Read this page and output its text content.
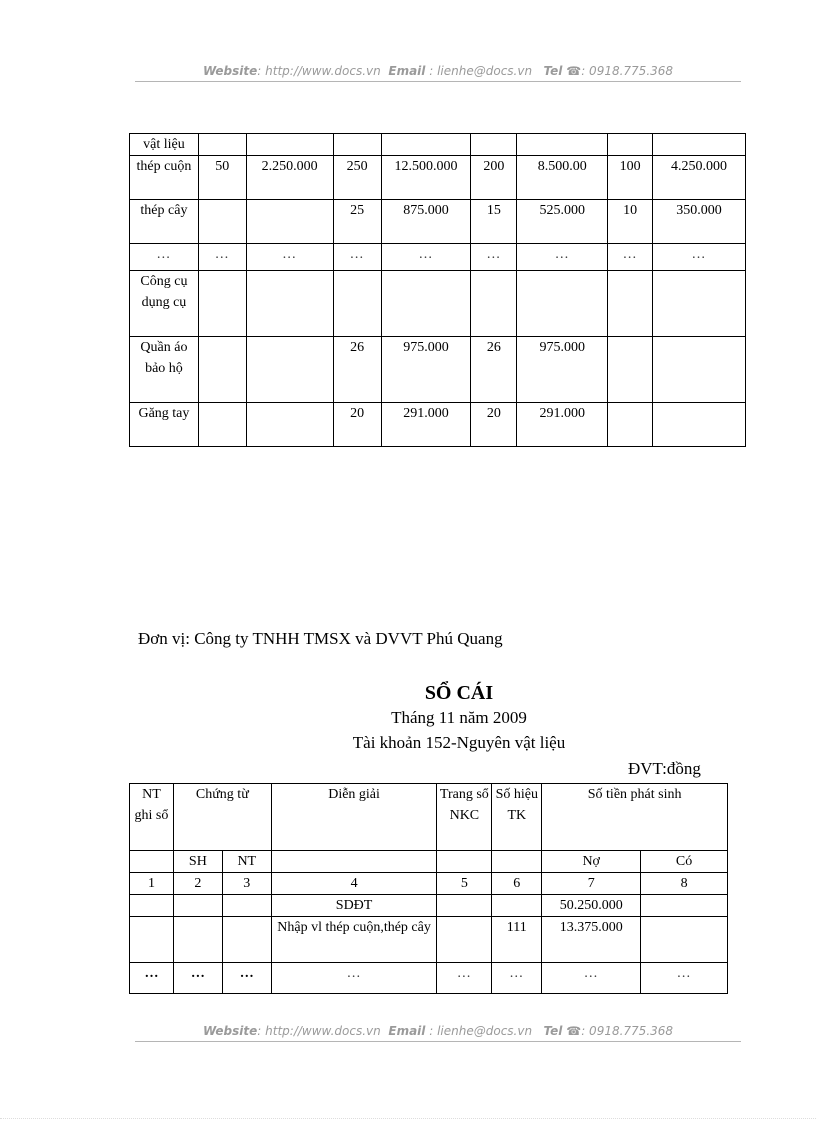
Website: http://www.docs.vn Email : lienhe@docs.vn Tel ☎: 0918.775.368
vật liệu								
thép cuộn	50	2.250.000	250	12.500.000	200	8.500.00	100	4.250.000
thép cây			25	875.000	15	525.000	10	350.000
…	…	…	…	…	…	…	…	…
Công cụ dụng cụ								
Quần áo bảo hộ			26	975.000	26	975.000		
Găng tay			20	291.000	20	291.000		
Đơn vị: Công ty TNHH TMSX và DVVT Phú Quang
SỔ CÁI
Tháng 11 năm 2009
Tài khoản 152-Nguyên vật liệu
ĐVT:đồng
NT ghi sổ	Chứng từ		Diễn giải	Trang sổ NKC	Số hiệu TK	Số tiền phát sinh	
	SH	NT				Nợ	Có
1	2	3	4	5	6	7	8
			SDĐT			50.250.000	
			Nhập vl thép cuộn,thép cây		111	13.375.000	
…	…	…	…	…	…	…	…
Website: http://www.docs.vn Email : lienhe@docs.vn Tel ☎: 0918.775.368
